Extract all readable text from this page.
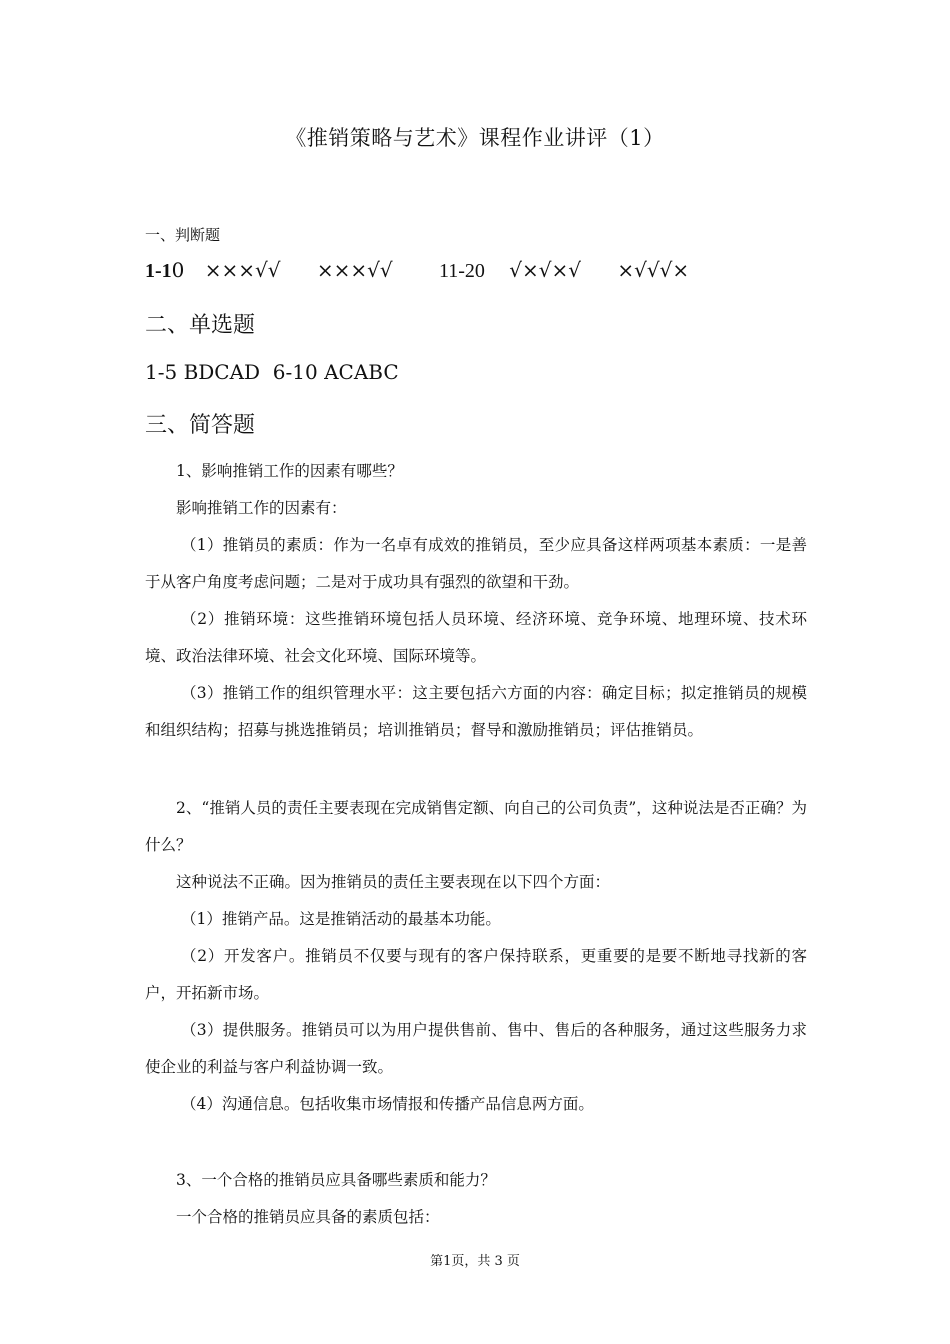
《推销策略与艺术》课程作业讲评（1）
一、判断题
1-10 ×××√√ ×××√√ 11-20 √×√×√ ×√√√×
二、单选题
1-5 BDCAD  6-10 ACABC
三、简答题
1、影响推销工作的因素有哪些？
影响推销工作的因素有：
（1）推销员的素质：作为一名卓有成效的推销员，至少应具备这样两项基本素质：一是善于从客户角度考虑问题；二是对于成功具有强烈的欲望和干劲。
（2）推销环境：这些推销环境包括人员环境、经济环境、竞争环境、地理环境、技术环境、政治法律环境、社会文化环境、国际环境等。
（3）推销工作的组织管理水平：这主要包括六方面的内容：确定目标；拟定推销员的规模和组织结构；招募与挑选推销员；培训推销员；督导和激励推销员；评估推销员。
2、“推销人员的责任主要表现在完成销售定额、向自己的公司负责”，这种说法是否正确？为什么？
这种说法不正确。因为推销员的责任主要表现在以下四个方面：
（1）推销产品。这是推销活动的最基本功能。
（2）开发客户。推销员不仅要与现有的客户保持联系，更重要的是要不断地寻找新的客户，开拓新市场。
（3）提供服务。推销员可以为用户提供售前、售中、售后的各种服务，通过这些服务力求使企业的利益与客户利益协调一致。
（4）沟通信息。包括收集市场情报和传播产品信息两方面。
3、一个合格的推销员应具备哪些素质和能力？
一个合格的推销员应具备的素质包括：
第1页，共 3 页
